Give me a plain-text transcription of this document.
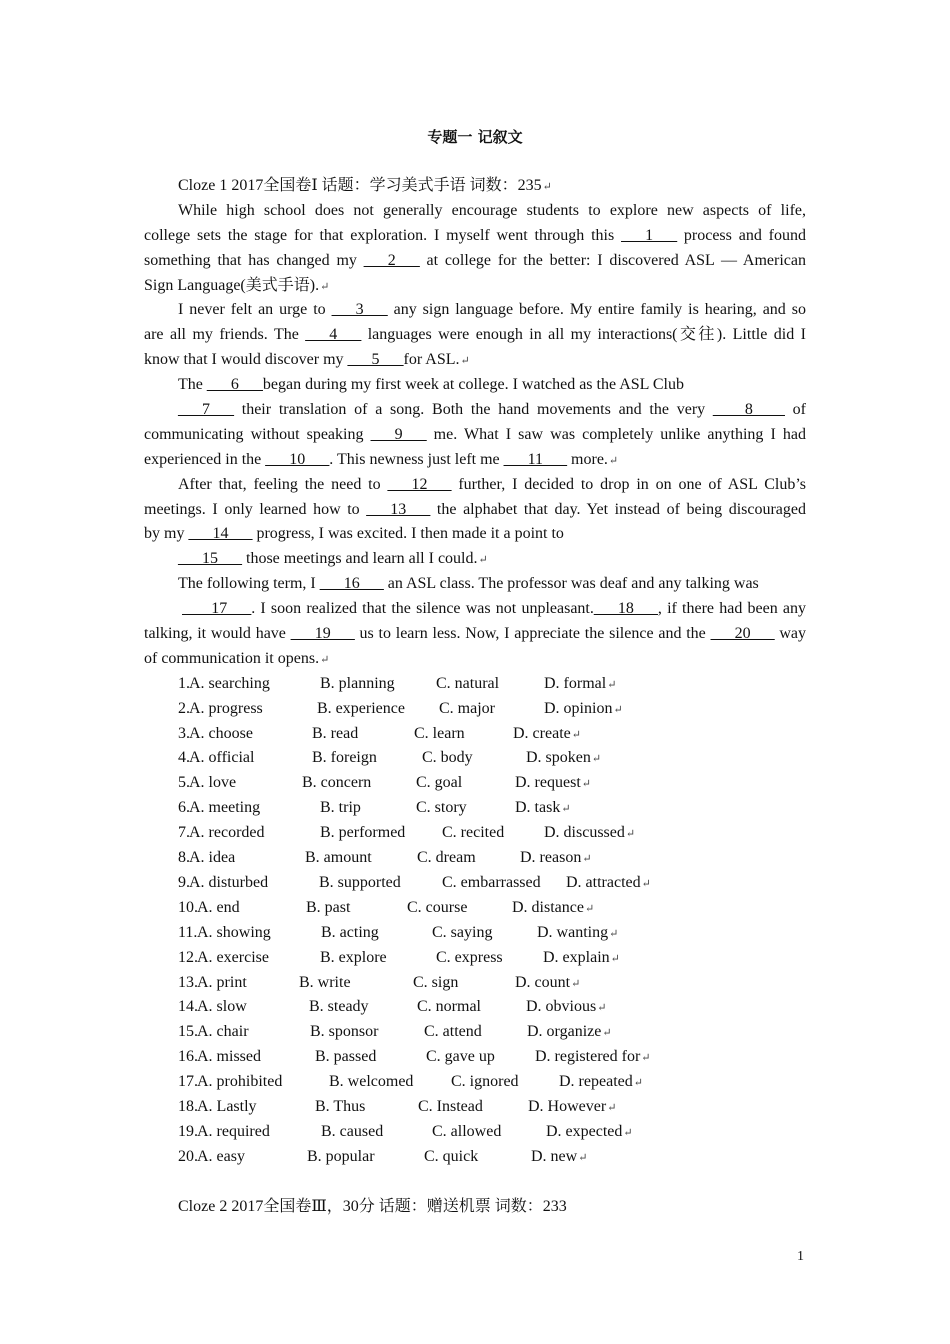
专题一 记叙文
Cloze 1 2017全国卷Ⅰ 话题：学习美式手语 词数：235↵
While high school does not generally encourage students to explore new aspects of life,
college sets the stage for that exploration. I myself went through this ___1___ process and found
something that has changed my ___2___ at college for the better: I discovered ASL — American
Sign Language(美式手语).↵
I never felt an urge to ___3___ any sign language before. My entire family is hearing, and so
are all my friends. The ___4___ languages were enough in all my interactions(交往). Little did I
know that I would discover my ___5___for ASL.↵
The ___6___began during my first week at college. I watched as the ASL Club
___7___ their translation of a song. Both the hand movements and the very ____8____ of
communicating without speaking ___9___ me. What I saw was completely unlike anything I had
experienced in the ___10___. This newness just left me ___11___ more.↵
After that, feeling the need to ___12___ further, I decided to drop in on one of ASL Club’s
meetings. I only learned how to ___13___ the alphabet that day. Yet instead of being discouraged
by my ___14___ progress, I was excited. I then made it a point to
___15___ those meetings and learn all I could.↵
The following term, I ___16___ an ASL class. The professor was deaf and any talking was
___17___. I soon realized that the silence was not unpleasant.___18___, if there had been any
talking, it would have ___19___ us to learn less. Now, I appreciate the silence and the ___20___ way
of communication it opens.↵
1. A. searching	B. planning	C. natural	D. formal↵
2. A. progress	B. experience C. major	D. opinion↵
3. A. choose	B. read	C. learn	D. create↵
4. A. official	B. foreign	C. body	D. spoken↵
5. A. love	B. concern	C. goal	D. request↵
6. A. meeting	B. trip	C. story	D. task↵
7. A. recorded	B. performed C. recited D. discussed↵
8. A. idea	B. amount	C. dream	D. reason↵
9. A. disturbed	B. supported	C. embarrassed D. attracted↵
10. A. end	B. past	C. course	D. distance↵
11. A. showing	B. acting	C. saying	D. wanting↵
12. A. exercise	B. explore	C. express	D. explain↵
13. A. print	B. write	C. sign	D. count↵
14. A. slow	B. steady	C. normal	D. obvious↵
15. A. chair	B. sponsor	C. attend	D. organize↵
16. A. missed	B. passed	C. gave up	D. registered for↵
17. A. prohibited	B. welcomed C. ignored	D. repeated↵
18. A. Lastly	B. Thus	C. Instead	D. However↵
19. A. required	B. caused	C. allowed	D. expected↵
20. A. easy	B. popular	C. quick	D. new↵
Cloze 2 2017全国卷Ⅲ，30分 话题：赠送机票 词数：233
1
